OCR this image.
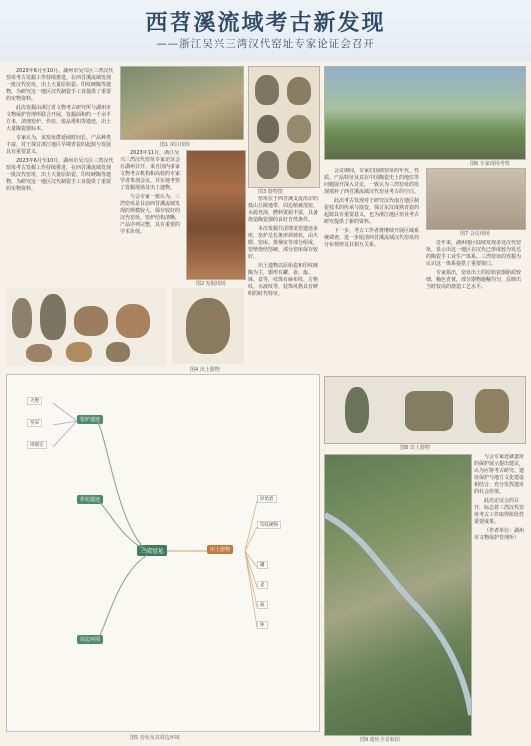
西苕溪流域考古新发现
——浙江吴兴三湾汉代窑址专家论证会召开

2023年6月至10月，湖州市吴兴区三湾汉代窑址考古发掘工作持续推进，在西苕溪流域发现一批汉代窑址，出土大量原始瓷、印纹硬陶等遗物，为研究这一地区汉代制瓷手工业提供了重要的实物资料。

此次发掘由浙江省文物考古研究所与湖州市文物保护管理所联合开展，发掘面积约一千余平方米，清理窑炉、作坊、废品堆积等遗迹，出土大量陶瓷器标本。

专家认为，该窑址群延续时间长、产品种类丰富，对于探讨浙江地区早期青瓷的起源与发展具有重要意义。

2023年6月至10月，湖州市吴兴区三湾汉代窑址考古发掘工作持续推进，在西苕溪流域发现一批汉代窑址，出土大量原始瓷、印纹硬陶等遗物，为研究这一地区汉代制瓷手工业提供了重要的实物资料。

图1 项目现场

2023年11月，浙江吴兴三湾汉代窑址专家论证会在湖州召开。来自国内多家文物考古机构和高校的专家学者参加会议，并实地考察了发掘现场及出土遗物。

与会专家一致认为，三湾窑址是目前西苕溪流域发现的规模较大、保存较好的汉代窑址，窑炉结构清晰，产品序列完整，具有重要的学术价值。

图2 发掘现场
图3 器物图

窑址位于西苕溪支流沿岸的低山丘陵地带，周边植被茂密，水源充沛，燃料资源丰富，具备烧造陶瓷器的良好自然条件。

本次发掘共清理龙窑遗迹多座，窑炉呈长条形斜坡状，由火膛、窑床、排烟室等部分组成，窑壁烧结坚硬，部分窑床保存较好。

出土遗物以原始瓷和印纹硬陶为主，器形有罐、壶、瓿、钵、盆等，纹饰有麻布纹、方格纹、水波纹等，装饰风格具有鲜明的时代特征。

图4 出土器物
三湾窑址
窑炉遗迹
作坊遗迹
出土器物
周边环境
火膛
窑床
排烟室
原始瓷
印纹硬陶
罐
壶
瓿
钵
图5 窑址及其周边环境
图6 专家现场考察

会议期间，专家们围绕窑址的年代、性质、产品特征及其在中国陶瓷史上的地位等问题展开深入讨论，一致认为三湾窑址的发现填补了西苕溪流域汉代窑业考古的空白。

此次考古发现对于研究汉代南方地区制瓷技术的传承与演变、探讨东汉成熟青瓷的起源具有重要意义，也为浙江地区窑业考古研究提供了新的资料。

下一步，考古工作者将继续开展区域系统调查，进一步厘清西苕溪流域汉代窑址的分布规律及其相互关系。

图7 会议现场

近年来，湖州地区陆续发现多处汉代窑址，显示出这一地区在汉代已形成较为发达的陶瓷手工业生产体系。三湾窑址的发掘为认识这一体系提供了重要窗口。

专家指出，窑址出土的原始瓷器胎质较细，釉色青黄，部分器物施釉均匀，反映出当时较高的烧造工艺水平。

图8 出土器物
图9 遗址全景航拍

与会专家还就遗址的保护展示提出建议，认为应将考古研究、遗址保护与地方文化建设相结合，充分发挥遗址的社会价值。

此次论证会的召开，标志着三湾汉代窑址考古工作取得阶段性重要成果。

（作者单位：湖州市文物保护管理所）
